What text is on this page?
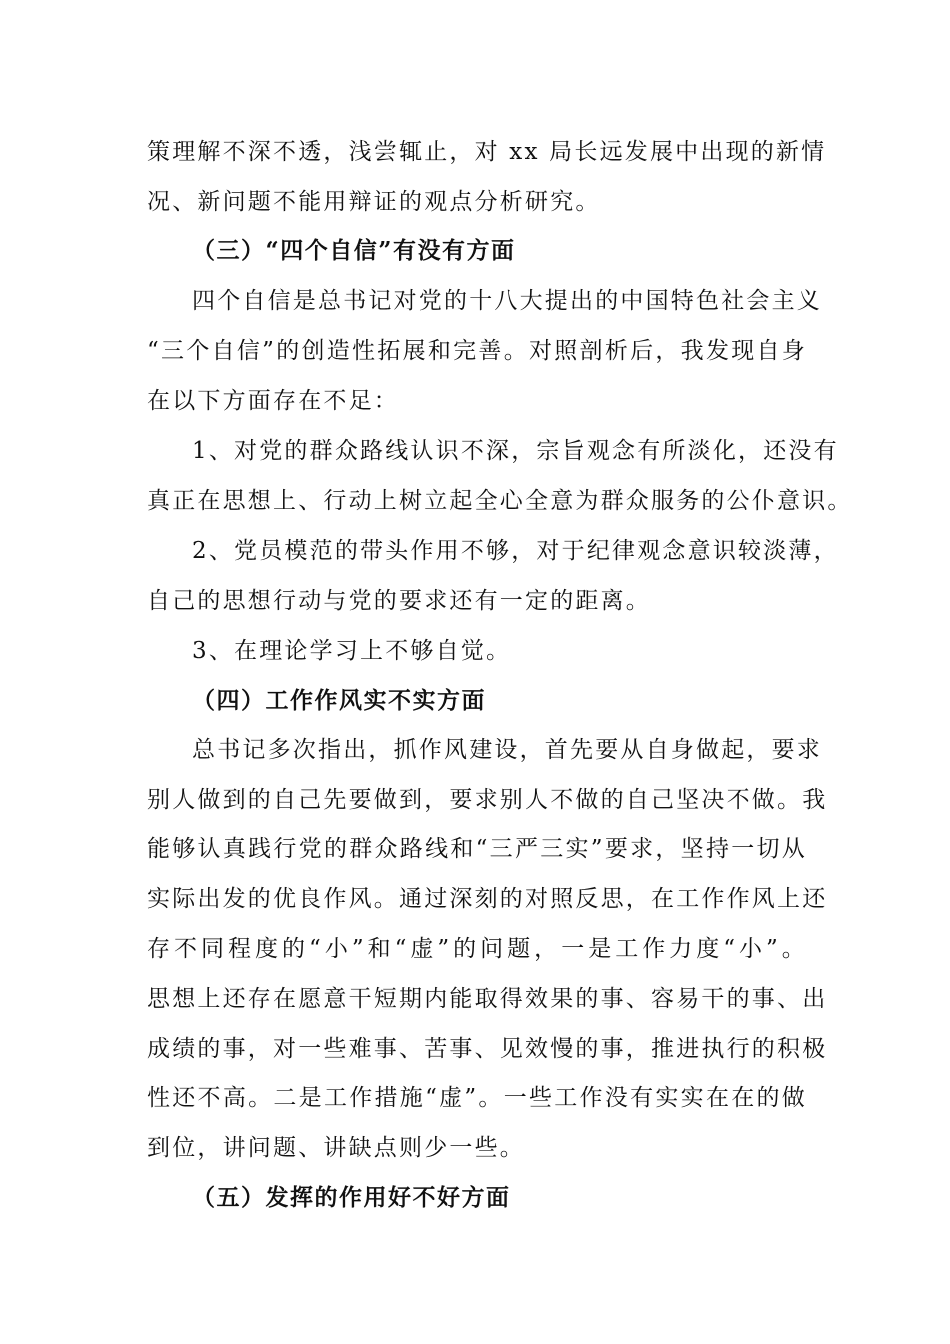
策理解不深不透，浅尝辄止，对 xx 局长远发展中出现的新情
况、新问题不能用辩证的观点分析研究。
（三）“四个自信”有没有方面
四个自信是总书记对党的十八大提出的中国特色社会主义
“三个自信”的创造性拓展和完善。对照剖析后，我发现自身
在以下方面存在不足：
1、对党的群众路线认识不深，宗旨观念有所淡化，还没有
真正在思想上、行动上树立起全心全意为群众服务的公仆意识。
2、党员模范的带头作用不够，对于纪律观念意识较淡薄，
自己的思想行动与党的要求还有一定的距离。
3、在理论学习上不够自觉。
（四）工作作风实不实方面
总书记多次指出，抓作风建设，首先要从自身做起，要求
别人做到的自己先要做到，要求别人不做的自己坚决不做。我
能够认真践行党的群众路线和“三严三实”要求，坚持一切从
实际出发的优良作风。通过深刻的对照反思，在工作作风上还
存不同程度的“小”和“虚”的问题，一是工作力度“小”。
思想上还存在愿意干短期内能取得效果的事、容易干的事、出
成绩的事，对一些难事、苦事、见效慢的事，推进执行的积极
性还不高。二是工作措施“虚”。一些工作没有实实在在的做
到位，讲问题、讲缺点则少一些。
（五）发挥的作用好不好方面
